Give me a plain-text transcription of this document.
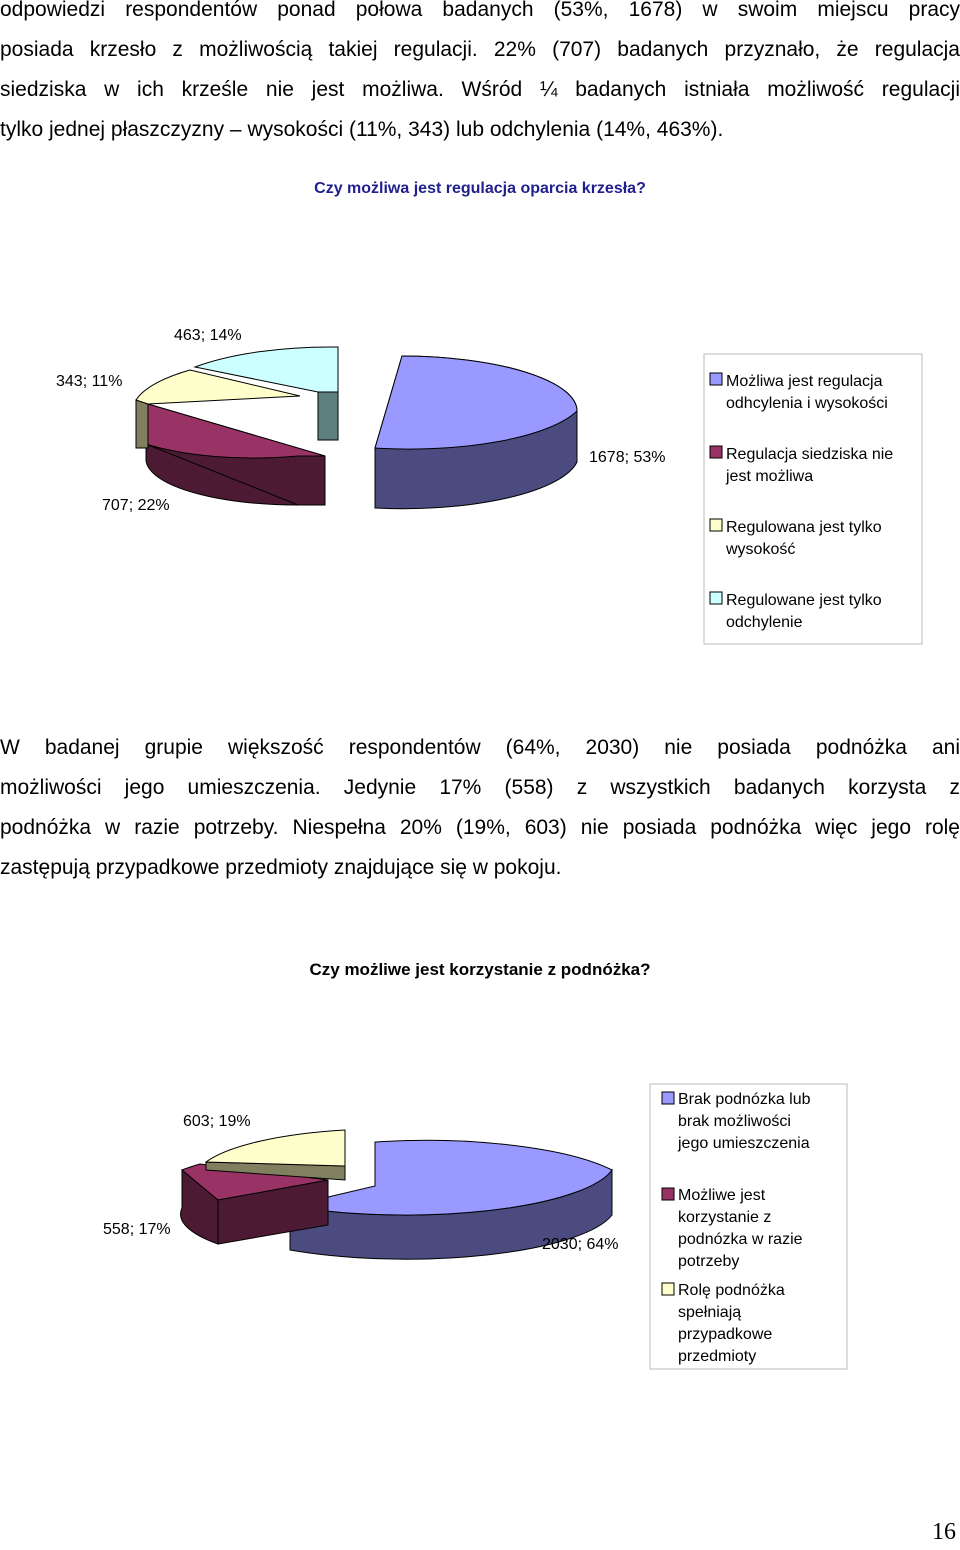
odpowiedzi respondentów ponad połowa badanych (53%, 1678) w swoim miejscu pracy
posiada krzesło z możliwością takiej regulacji. 22% (707) badanych przyznało, że regulacja
siedziska w ich krześle nie jest możliwa. Wśród ¼ badanych istniała możliwość regulacji
tylko jednej płaszczyzny – wysokości (11%, 343) lub odchylenia (14%, 463%).
Czy możliwa jest regulacja oparcia krzesła?
463; 14%
343; 11%
707; 22%
1678; 53%
Możliwa jest regulacja odhcylenia i wysokości
Regulacja siedziska nie jest możliwa
Regulowana jest tylko wysokość
Regulowane jest tylko odchylenie
W badanej grupie większość respondentów (64%, 2030) nie posiada podnóżka ani
możliwości jego umieszczenia. Jedynie 17% (558) z wszystkich badanych korzysta z
podnóżka w razie potrzeby. Niespełna 20% (19%, 603) nie posiada podnóżka więc jego rolę
zastępują przypadkowe przedmioty znajdujące się w pokoju.
Czy możliwe jest korzystanie z podnóżka?
603; 19%
558; 17%
2030; 64%
Brak podnózka lub brak możliwości jego umieszczenia
Możliwe jest korzystanie z podnózka w razie potrzeby
Rolę podnóżka spełniają przypadkowe przedmioty
16
